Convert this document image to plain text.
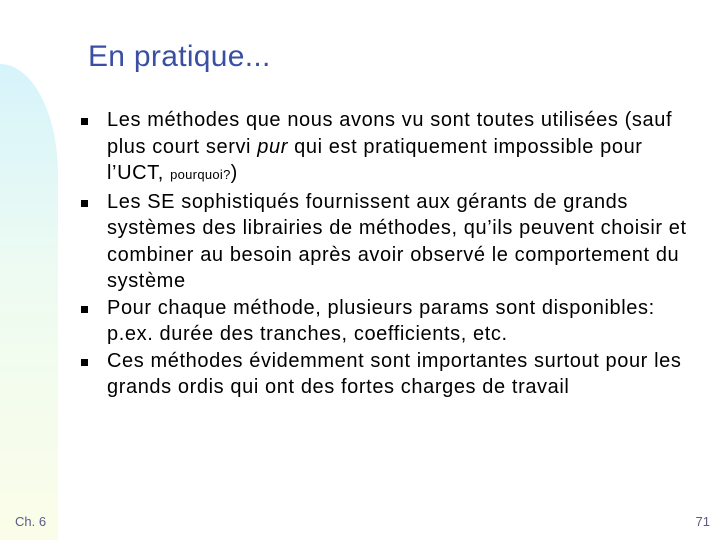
En pratique...
Les méthodes que nous avons vu sont toutes utilisées (sauf plus court servi pur qui est pratiquement impossible pour l’UCT, pourquoi?)
Les SE sophistiqués fournissent aux gérants de grands systèmes des librairies de méthodes, qu’ils peuvent choisir et combiner au besoin après avoir observé le comportement du système
Pour chaque méthode, plusieurs params sont disponibles: p.ex. durée des tranches, coefficients, etc.
Ces méthodes évidemment sont importantes surtout pour les grands ordis qui ont des fortes charges de travail
Ch. 6	71
